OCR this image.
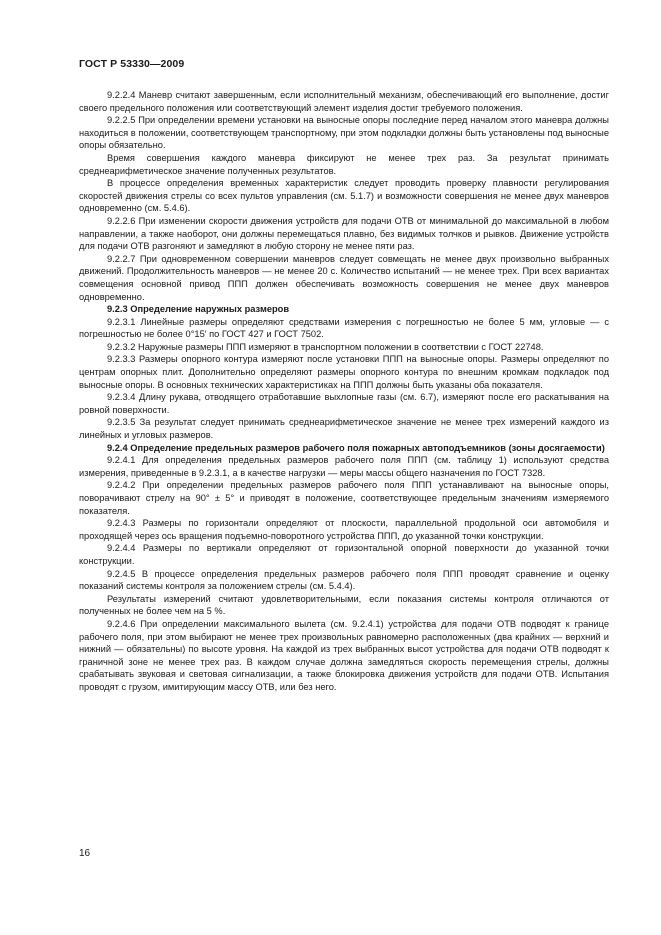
ГОСТ Р 53330—2009

9.2.2.4 Маневр считают завершенным, если исполнительный механизм, обеспечивающий его выполнение, достиг своего предельного положения или соответствующий элемент изделия достиг требуемого положения.

9.2.2.5 При определении времени установки на выносные опоры последние перед началом этого маневра должны находиться в положении, соответствующем транспортному, при этом подкладки должны быть установлены под выносные опоры обязательно.

Время совершения каждого маневра фиксируют не менее трех раз. За результат принимать среднеарифметическое значение полученных результатов.

В процессе определения временных характеристик следует проводить проверку плавности регулирования скоростей движения стрелы со всех пультов управления (см. 5.1.7) и возможности совершения не менее двух маневров одновременно (см. 5.4.6).

9.2.2.6 При изменении скорости движения устройств для подачи ОТВ от минимальной до максимальной в любом направлении, а также наоборот, они должны перемещаться плавно, без видимых толчков и рывков. Движение устройств для подачи ОТВ разгоняют и замедляют в любую сторону не менее пяти раз.

9.2.2.7 При одновременном совершении маневров следует совмещать не менее двух произвольно выбранных движений. Продолжительность маневров — не менее 20 с. Количество испытаний — не менее трех. При всех вариантах совмещения основной привод ППП должен обеспечивать возможность совершения не менее двух маневров одновременно.

9.2.3 Определение наружных размеров

9.2.3.1 Линейные размеры определяют средствами измерения с погрешностью не более 5 мм, угловые — с погрешностью не более 0°15′ по ГОСТ 427 и ГОСТ 7502.

9.2.3.2 Наружные размеры ППП измеряют в транспортном положении в соответствии с ГОСТ 22748.

9.2.3.3 Размеры опорного контура измеряют после установки ППП на выносные опоры. Размеры определяют по центрам опорных плит. Дополнительно определяют размеры опорного контура по внешним кромкам подкладок под выносные опоры. В основных технических характеристиках на ППП должны быть указаны оба показателя.

9.2.3.4 Длину рукава, отводящего отработавшие выхлопные газы (см. 6.7), измеряют после его раскатывания на ровной поверхности.

9.2.3.5 За результат следует принимать среднеарифметическое значение не менее трех измерений каждого из линейных и угловых размеров.

9.2.4 Определение предельных размеров рабочего поля пожарных автоподъемников (зоны досягаемости)

9.2.4.1 Для определения предельных размеров рабочего поля ППП (см. таблицу 1) используют средства измерения, приведенные в 9.2.3.1, а в качестве нагрузки — меры массы общего назначения по ГОСТ 7328.

9.2.4.2 При определении предельных размеров рабочего поля ППП устанавливают на выносные опоры, поворачивают стрелу на 90° ± 5° и приводят в положение, соответствующее предельным значениям измеряемого показателя.

9.2.4.3 Размеры по горизонтали определяют от плоскости, параллельной продольной оси автомобиля и проходящей через ось вращения подъемно-поворотного устройства ППП, до указанной точки конструкции.

9.2.4.4 Размеры по вертикали определяют от горизонтальной опорной поверхности до указанной точки конструкции.

9.2.4.5 В процессе определения предельных размеров рабочего поля ППП проводят сравнение и оценку показаний системы контроля за положением стрелы (см. 5.4.4).

Результаты измерений считают удовлетворительными, если показания системы контроля отличаются от полученных не более чем на 5 %.

9.2.4.6 При определении максимального вылета (см. 9.2.4.1) устройства для подачи ОТВ подводят к границе рабочего поля, при этом выбирают не менее трех произвольных равномерно расположенных (два крайних — верхний и нижний — обязательны) по высоте уровня. На каждой из трех выбранных высот устройства для подачи ОТВ подводят к граничной зоне не менее трех раз. В каждом случае должна замедляться скорость перемещения стрелы, должны срабатывать звуковая и световая сигнализации, а также блокировка движения устройств для подачи ОТВ. Испытания проводят с грузом, имитирующим массу ОТВ, или без него.

16
